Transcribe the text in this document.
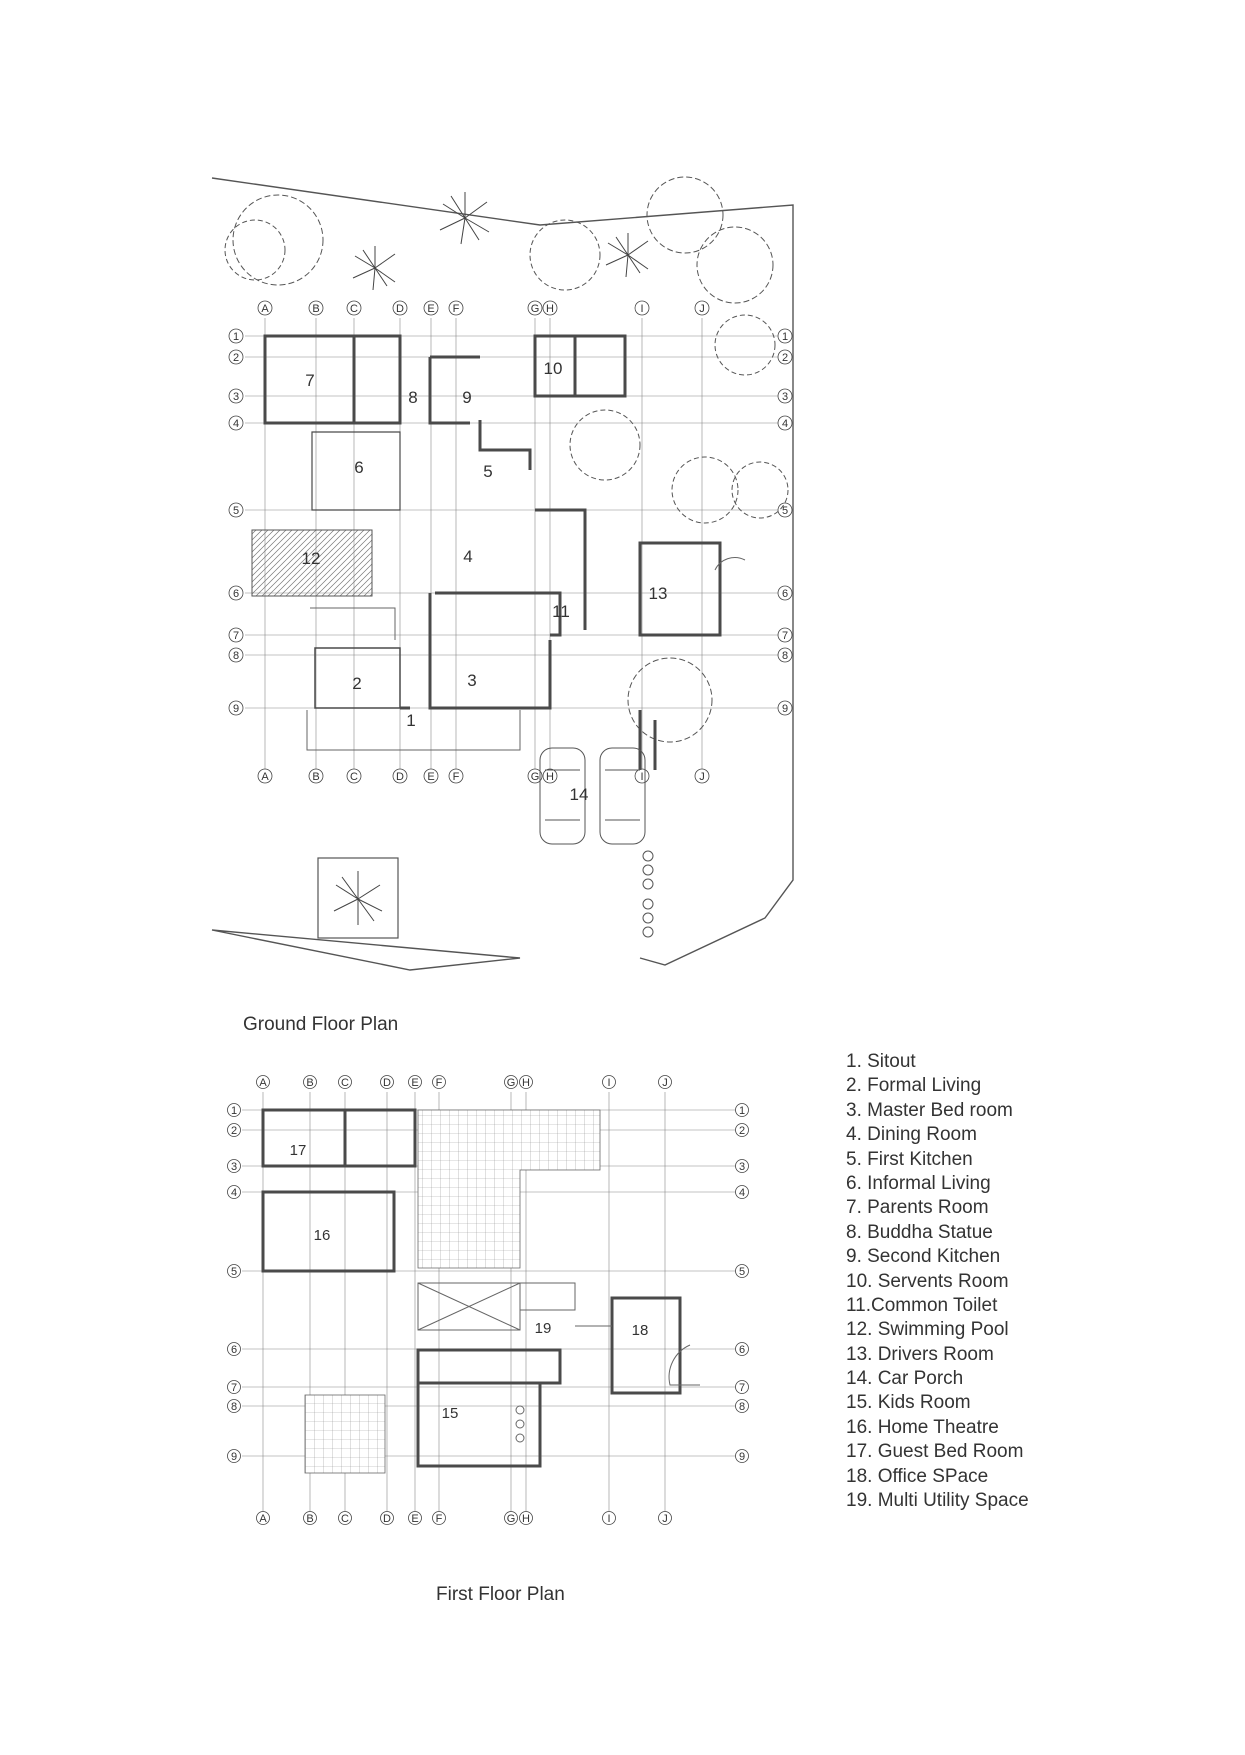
A	B	C	D E F	G H	I	J
A	B	C	D E F	G H	I	J
1
2
3
4
5
6
7
8
9
1
2
3
4
5
6
7
8
9
1
2	3
4
5
6
7
8	9
10
11
12
13
14
A	B C	D E F	G H	I	J
A	B C	D E F	G H	I	J
1
2
3
4
5
6
7
8
9
1
2
3
4
5
6
7
8
9
15
16
17
18
19
Ground Floor Plan
First Floor Plan
1. Sitout
2. Formal Living
3. Master Bed room
4. Dining Room
5. First Kitchen
6. Informal Living
7. Parents Room
8. Buddha Statue
9. Second Kitchen
10. Servents Room
11.Common Toilet
12. Swimming Pool
13. Drivers Room
14. Car Porch
15. Kids Room
16. Home Theatre
17. Guest Bed Room
18. Office SPace
19. Multi Utility Space
